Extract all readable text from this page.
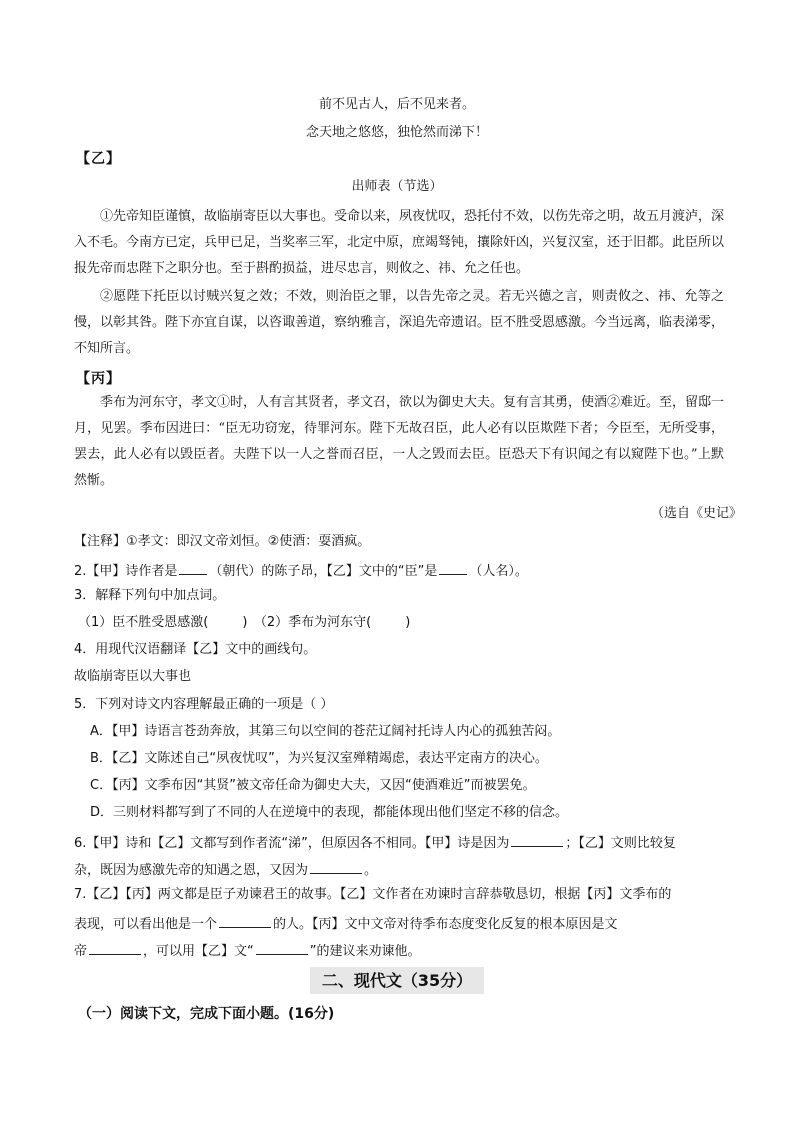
前不见古人，后不见来者。
念天地之悠悠，独怆然而涕下！
【乙】
出师表（节选）
①先帝知臣谨慎，故临崩寄臣以大事也。受命以来，夙夜忧叹，恐托付不效，以伤先帝之明，故五月渡泸，深入不毛。今南方已定，兵甲已足，当奖率三军，北定中原，庶竭驽钝，攘除奸凶，兴复汉室，还于旧都。此臣所以报先帝而忠陛下之职分也。至于斟酌损益，进尽忠言，则攸之、祎、允之任也。
②愿陛下托臣以讨贼兴复之效；不效，则治臣之罪，以告先帝之灵。若无兴德之言，则责攸之、祎、允等之慢，以彰其咎。陛下亦宜自谋，以咨诹善道，察纳雅言，深追先帝遗诏。臣不胜受恩感激。今当远离，临表涕零，不知所言。
【丙】
季布为河东守，孝文①时，人有言其贤者，孝文召，欲以为御史大夫。复有言其勇，使酒②难近。至，留邸一月，见罢。季布因进曰：“臣无功窃宠，待罪河东。陛下无故召臣，此人必有以臣欺陛下者；今臣至，无所受事，罢去，此人必有以毁臣者。夫陛下以一人之誉而召臣，一人之毁而去臣。臣恐天下有识闻之有以窥陛下也。”上默然惭。
（选自《史记》
【注释】①孝文：即汉文帝刘恒。②使酒：耍酒疯。
2.【甲】诗作者是 （朝代）的陈子昂，【乙】文中的“臣”是 （人名）。
3．解释下列句中加点词。
（1）臣不胜受恩感激(	)　（2）季布为河东守(	)
4．用现代汉语翻译【乙】文中的画线句。
故临崩寄臣以大事也
5．下列对诗文内容理解最正确的一项是（ ）
A．【甲】诗语言苍劲奔放，其第三句以空间的苍茫辽阔衬托诗人内心的孤独苦闷。
B．【乙】文陈述自己“夙夜忧叹”，为兴复汉室殚精竭虑，表达平定南方的决心。
C．【丙】文季布因“其贤”被文帝任命为御史大夫，又因“使酒难近”而被罢免。
D．三则材料都写到了不同的人在逆境中的表现，都能体现出他们坚定不移的信念。
6.【甲】诗和【乙】文都写到作者流“涕”，但原因各不相同。【甲】诗是因为	；【乙】文则比较复
杂，既因为感激先帝的知遇之恩，又因为	。
7.【乙】【丙】两文都是臣子劝谏君王的故事。【乙】文作者在劝谏时言辞恭敬恳切，根据【丙】文季布的
表现，可以看出他是一个	的人。【丙】文中文帝对待季布态度变化反复的根本原因是文
帝	，可以用【乙】文“	”的建议来劝谏他。
二、现代文（35分）
（一）阅读下文，完成下面小题。(16分)
